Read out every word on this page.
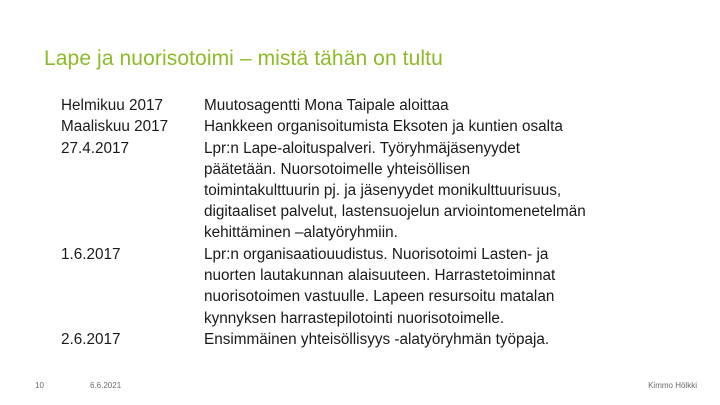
Lape ja nuorisotoimi – mistä tähän on tultu
Helmikuu 2017
Maaliskuu 2017
27.4.2017
1.6.2017
2.6.2017
Muutosagentti Mona Taipale aloittaa
Hankkeen organisoitumista Eksoten ja kuntien osalta
Lpr:n Lape-aloituspalveri. Työryhmäjäsenyydet
päätetään. Nuorsotoimelle yhteisöllisen
toimintakulttuurin pj. ja jäsenyydet monikulttuurisuus,
digitaaliset palvelut, lastensuojelun arviointomenetelmän
kehittäminen –alatyöryhmiin.
Lpr:n organisaatiouudistus. Nuorisotoimi Lasten- ja
nuorten lautakunnan alaisuuteen. Harrastetoiminnat
nuorisotoimen vastuulle. Lapeen resursoitu matalan
kynnyksen harrastepilotointi nuorisotoimelle.
Ensimmäinen yhteisöllisyys -alatyöryhmän työpaja.
10	6.6.2021	Kimmo Hölkki
